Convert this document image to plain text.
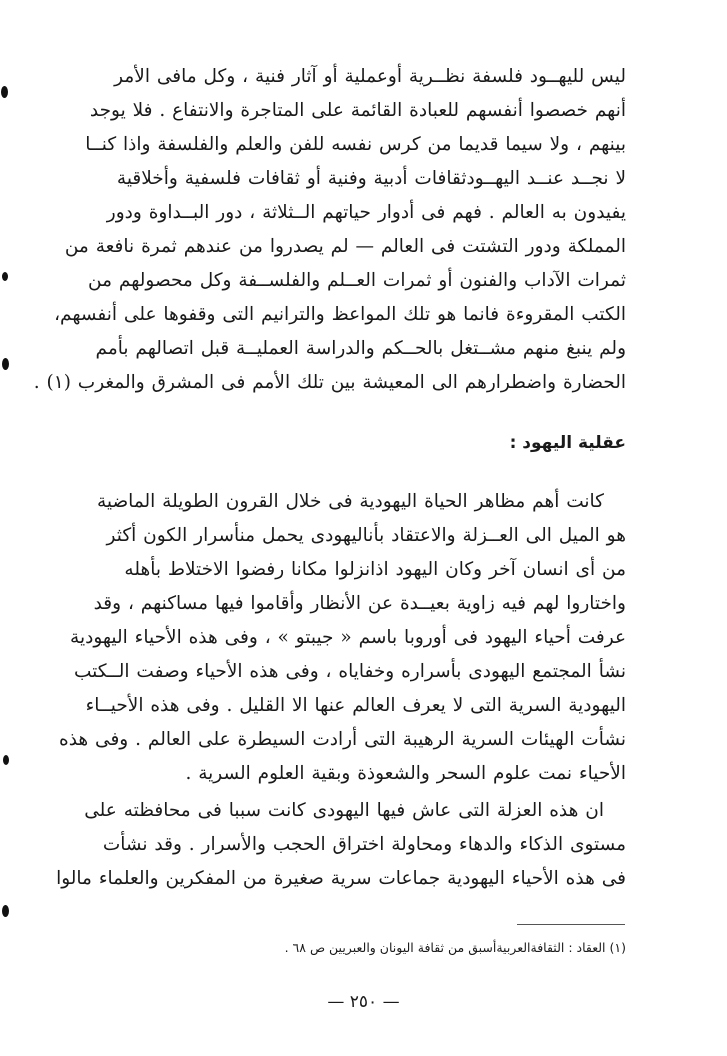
ليس لليهــود فلسفة نظــرية أوعملية أو آثار فنية ، وكل مافى الأمر
أنهم خصصوا أنفسهم للعبادة القائمة على المتاجرة والانتفاع . فلا يوجد
بينهم ، ولا سيما قديما من كرس نفسه للفن والعلم والفلسفة واذا كنــا
لا نجــد عنــد اليهــودثقافات أدبية وفنية أو ثقافات فلسفية وأخلاقية
يفيدون به العالم . فهم فى أدوار حياتهم الــثلاثة ، دور البــداوة ودور
المملكة ودور التشتت فى العالم — لم يصدروا من عندهم ثمرة نافعة من
ثمرات الآداب والفنون أو ثمرات العــلم والفلســفة وكل محصولهم من
الكتب المقروءة فانما هو تلك المواعظ والترانيم التى وقفوها على أنفسهم،
ولم ينبغ منهم مشــتغل بالحــكم والدراسة العمليــة قبل اتصالهم بأمم
الحضارة واضطرارهم الى المعيشة بين تلك الأمم فى المشرق والمغرب (١) .
عقلية اليهود :
كانت أهم مظاهر الحياة اليهودية فى خلال القرون الطويلة الماضية
هو الميل الى العــزلة والاعتقاد بأناليهودى يحمل منأسرار الكون أكثر
من أى انسان آخر وكان اليهود اذانزلوا مكانا رفضوا الاختلاط بأهله
واختاروا لهم فيه زاوية بعيــدة عن الأنظار وأقاموا فيها مساكنهم ، وقد
عرفت أحياء اليهود فى أوروبا باسم « جيبتو » ، وفى هذه الأحياء اليهودية
نشأ المجتمع اليهودى بأسراره وخفاياه ، وفى هذه الأحياء وصفت الــكتب
اليهودية السرية التى لا يعرف العالم عنها الا القليل . وفى هذه الأحيــاء
نشأت الهيئات السرية الرهيبة التى أرادت السيطرة على العالم . وفى هذه
الأحياء نمت علوم السحر والشعوذة وبقية العلوم السرية .
ان هذه العزلة التى عاش فيها اليهودى كانت سببا فى محافظته على
مستوى الذكاء والدهاء ومحاولة اختراق الحجب والأسرار . وقد نشأت
فى هذه الأحياء اليهودية جماعات سرية صغيرة من المفكرين والعلماء مالوا
(١) العقاد : الثقافةالعربيةأسبق من ثقافة اليونان والعبريين ص ٦٨ .
— ٢٥٠ —
